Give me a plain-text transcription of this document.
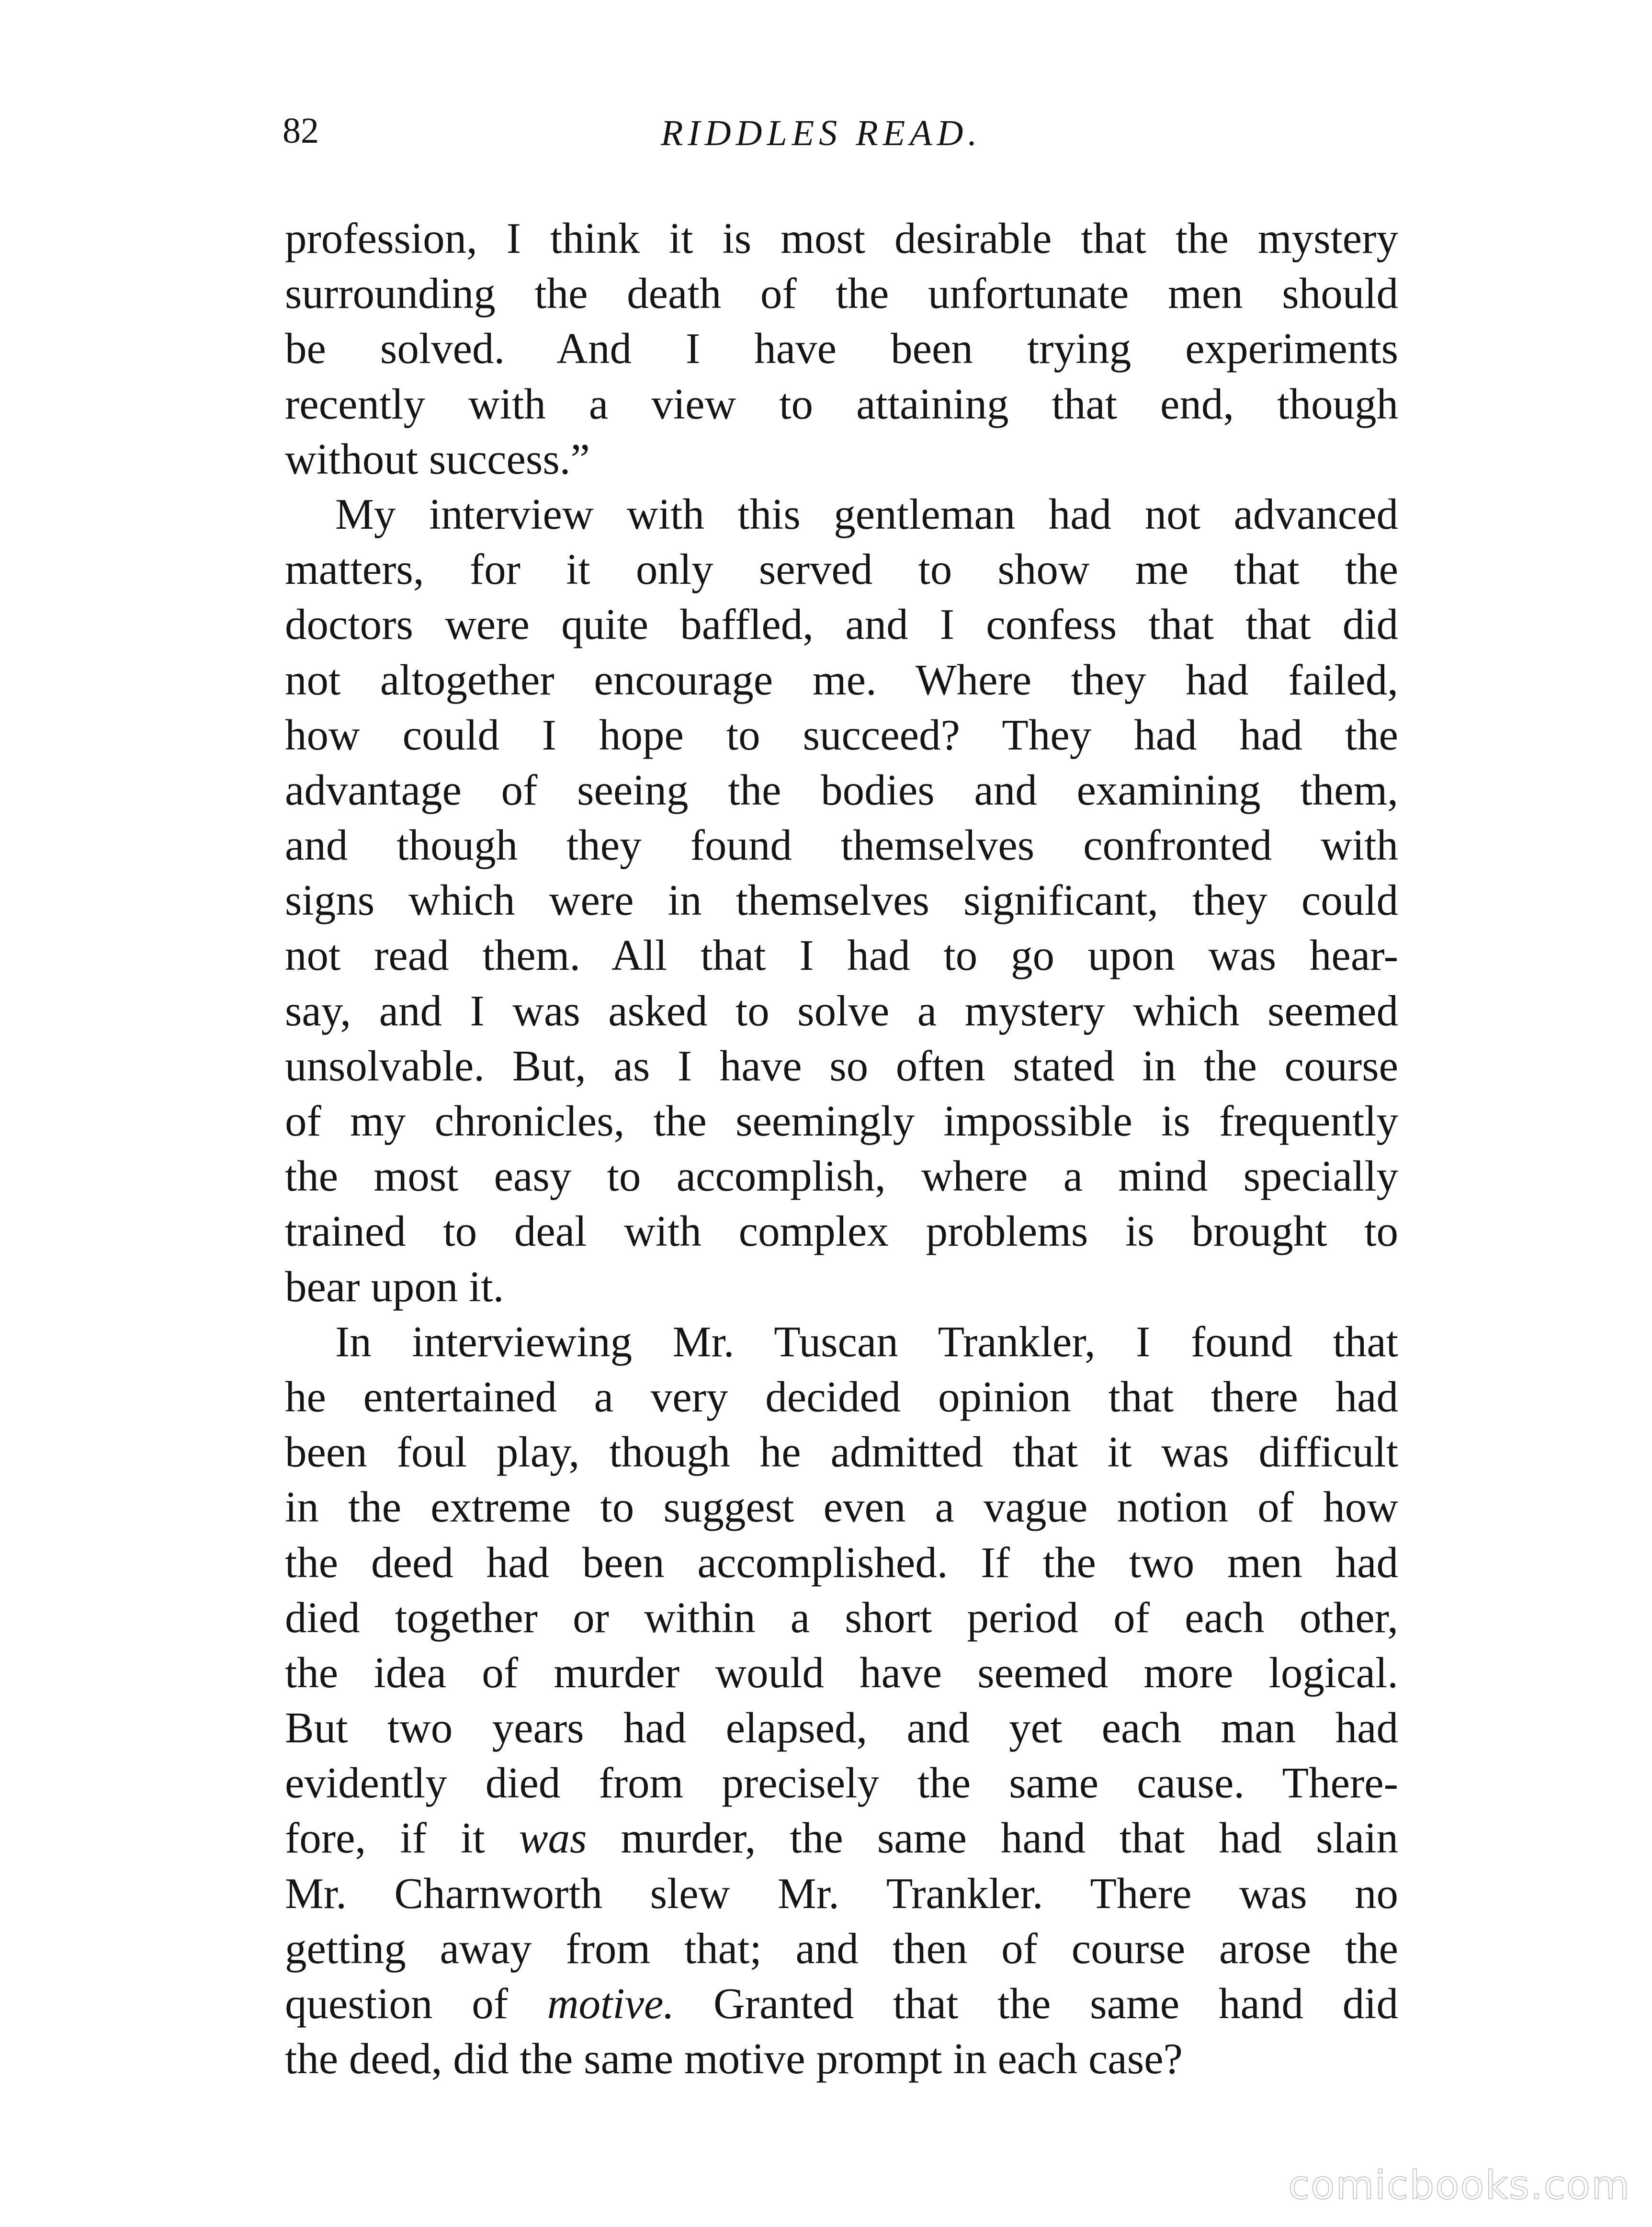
82	RIDDLES READ.

profession, I think it is most desirable that the mystery
surrounding the death of the unfortunate men should
be solved. And I have been trying experiments
recently with a view to attaining that end, though
without success.”

My interview with this gentleman had not advanced
matters, for it only served to show me that the
doctors were quite baffled, and I confess that that did
not altogether encourage me. Where they had failed,
how could I hope to succeed? They had had the
advantage of seeing the bodies and examining them,
and though they found themselves confronted with
signs which were in themselves significant, they could
not read them. All that I had to go upon was hear-
say, and I was asked to solve a mystery which seemed
unsolvable. But, as I have so often stated in the course
of my chronicles, the seemingly impossible is frequently
the most easy to accomplish, where a mind specially
trained to deal with complex problems is brought to
bear upon it.

In interviewing Mr. Tuscan Trankler, I found that
he entertained a very decided opinion that there had
been foul play, though he admitted that it was difficult
in the extreme to suggest even a vague notion of how
the deed had been accomplished. If the two men had
died together or within a short period of each other,
the idea of murder would have seemed more logical.
But two years had elapsed, and yet each man had
evidently died from precisely the same cause. There-
fore, if it was murder, the same hand that had slain
Mr. Charnworth slew Mr. Trankler. There was no
getting away from that; and then of course arose the
question of motive. Granted that the same hand did
the deed, did the same motive prompt in each case?

comicbooks.com
